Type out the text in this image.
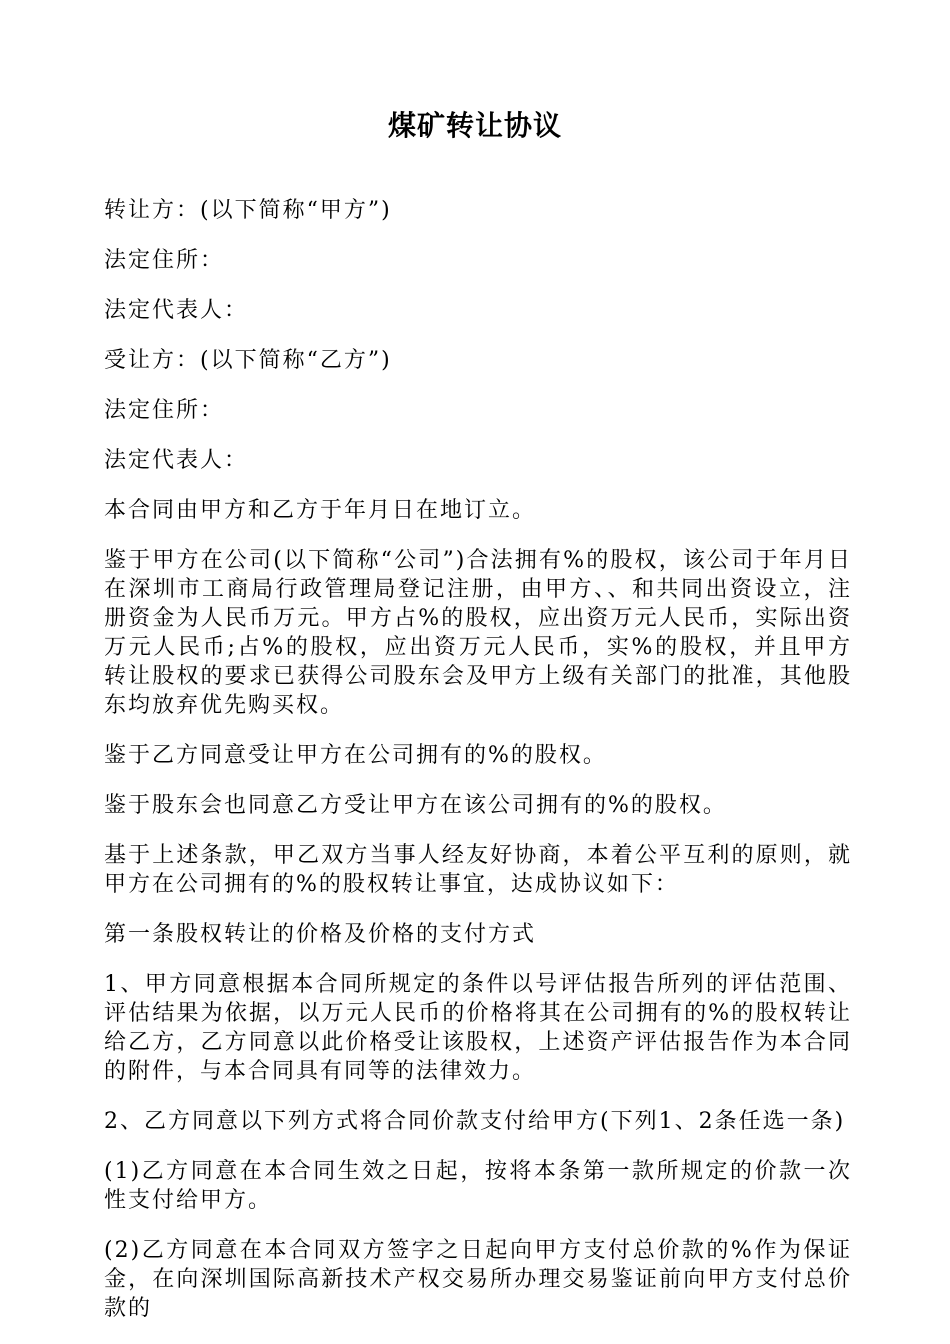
煤矿转让协议

转让方：(以下简称“甲方”)

法定住所：

法定代表人：

受让方：(以下简称“乙方”)

法定住所：

法定代表人：

本合同由甲方和乙方于年月日在地订立。

鉴于甲方在公司(以下简称“公司”)合法拥有%的股权，该公司于年月日在深圳市工商局行政管理局登记注册，由甲方、、和共同出资设立，注册资金为人民币万元。甲方占%的股权，应出资万元人民币，实际出资万元人民币;占%的股权，应出资万元人民币，实%的股权，并且甲方转让股权的要求已获得公司股东会及甲方上级有关部门的批准，其他股东均放弃优先购买权。

鉴于乙方同意受让甲方在公司拥有的%的股权。

鉴于股东会也同意乙方受让甲方在该公司拥有的%的股权。

基于上述条款，甲乙双方当事人经友好协商，本着公平互利的原则，就甲方在公司拥有的%的股权转让事宜，达成协议如下：

第一条股权转让的价格及价格的支付方式

1、甲方同意根据本合同所规定的条件以号评估报告所列的评估范围、评估结果为依据，以万元人民币的价格将其在公司拥有的%的股权转让给乙方，乙方同意以此价格受让该股权，上述资产评估报告作为本合同的附件，与本合同具有同等的法律效力。

2、乙方同意以下列方式将合同价款支付给甲方(下列1、2条任选一条)

(1)乙方同意在本合同生效之日起，按将本条第一款所规定的价款一次性支付给甲方。

(2)乙方同意在本合同双方签字之日起向甲方支付总价款的%作为保证金，在向深圳国际高新技术产权交易所办理交易鉴证前向甲方支付总价款的
